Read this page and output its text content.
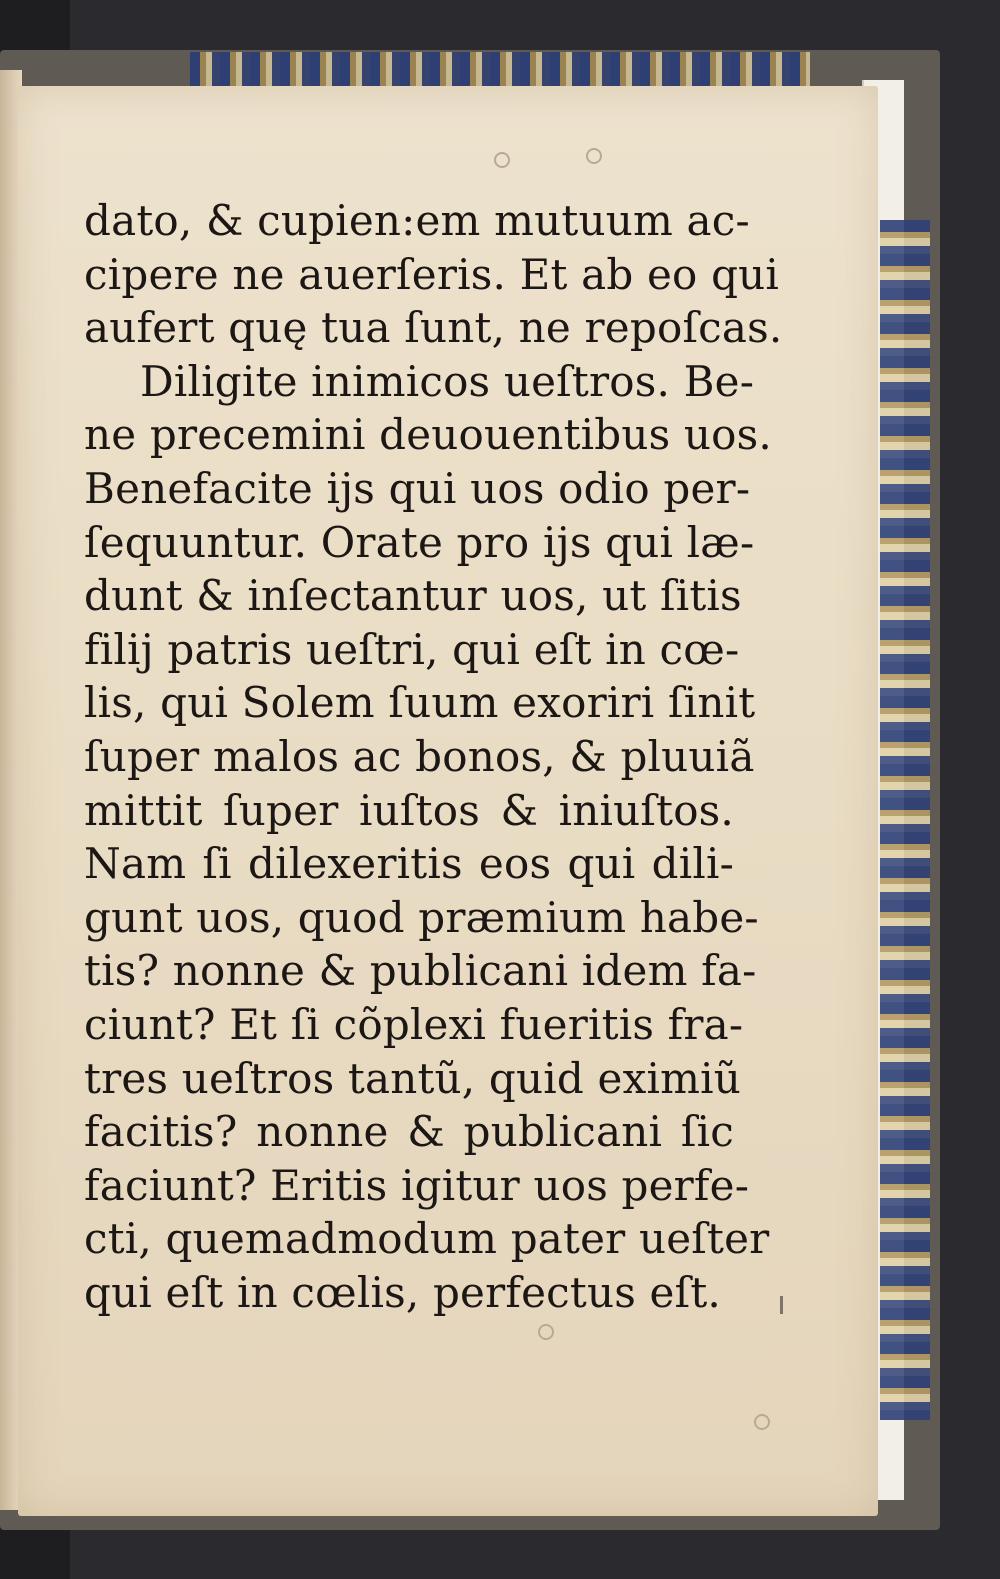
dato, & cupien:em mutuum ac-
cipere ne auerſeris. Et ab eo qui
aufert quę tua ſunt, ne repoſcas.
Diligite inimicos ueſtros. Be-
ne precemini deuouentibus uos.
Benefacite ijs qui uos odio per-
ſequuntur. Orate pro ijs qui læ-
dunt & inſectantur uos, ut ſitis
filij patris ueſtri, qui eſt in cœ-
lis, qui Solem ſuum exoriri ſinit
ſuper malos ac bonos, & pluuiã
mittit ſuper iuſtos & iniuſtos.
Nam ſi dilexeritis eos qui dili-
gunt uos, quod præmium habe-
tis? nonne & publicani idem fa-
ciunt? Et ſi cõplexi fueritis fra-
tres ueſtros tantũ, quid eximiũ
facitis? nonne & publicani ſic
faciunt? Eritis igitur uos perfe-
cti, quemadmodum pater ueſter
qui eſt in cœlis, perfectus eſt.
